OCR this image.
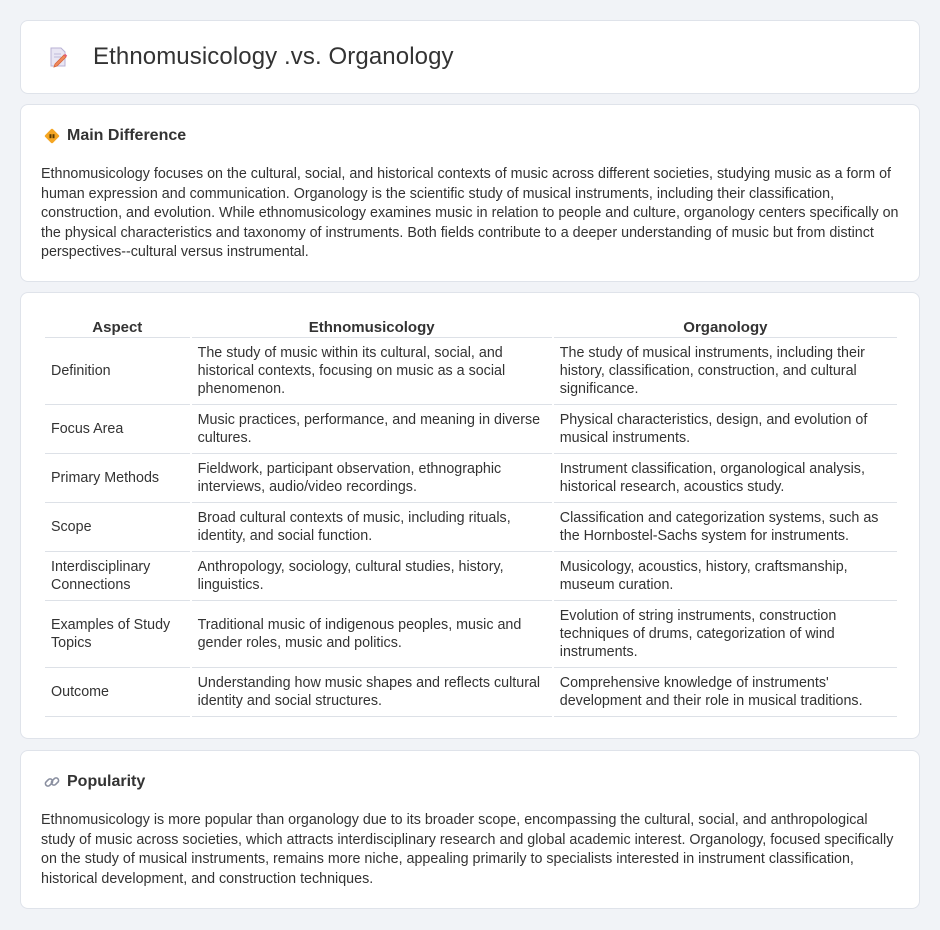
Ethnomusicology .vs. Organology
Main Difference

Ethnomusicology focuses on the cultural, social, and historical contexts of music across different societies, studying music as a form of human expression and communication. Organology is the scientific study of musical instruments, including their classification, construction, and evolution. While ethnomusicology examines music in relation to people and culture, organology centers specifically on the physical characteristics and taxonomy of instruments. Both fields contribute to a deeper understanding of music but from distinct perspectives--cultural versus instrumental.

Aspect	Ethnomusicology	Organology
Definition	The study of music within its cultural, social, and historical contexts, focusing on music as a social phenomenon.	The study of musical instruments, including their history, classification, construction, and cultural significance.
Focus Area	Music practices, performance, and meaning in diverse cultures.	Physical characteristics, design, and evolution of musical instruments.
Primary Methods	Fieldwork, participant observation, ethnographic interviews, audio/video recordings.	Instrument classification, organological analysis, historical research, acoustics study.
Scope	Broad cultural contexts of music, including rituals, identity, and social function.	Classification and categorization systems, such as the Hornbostel-Sachs system for instruments.
Interdisciplinary Connections	Anthropology, sociology, cultural studies, history, linguistics.	Musicology, acoustics, history, craftsmanship, museum curation.
Examples of Study Topics	Traditional music of indigenous peoples, music and gender roles, music and politics.	Evolution of string instruments, construction techniques of drums, categorization of wind instruments.
Outcome	Understanding how music shapes and reflects cultural identity and social structures.	Comprehensive knowledge of instruments' development and their role in musical traditions.
Popularity

Ethnomusicology is more popular than organology due to its broader scope, encompassing the cultural, social, and anthropological study of music across societies, which attracts interdisciplinary research and global academic interest. Organology, focused specifically on the study of musical instruments, remains more niche, appealing primarily to specialists interested in instrument classification, historical development, and construction techniques.
